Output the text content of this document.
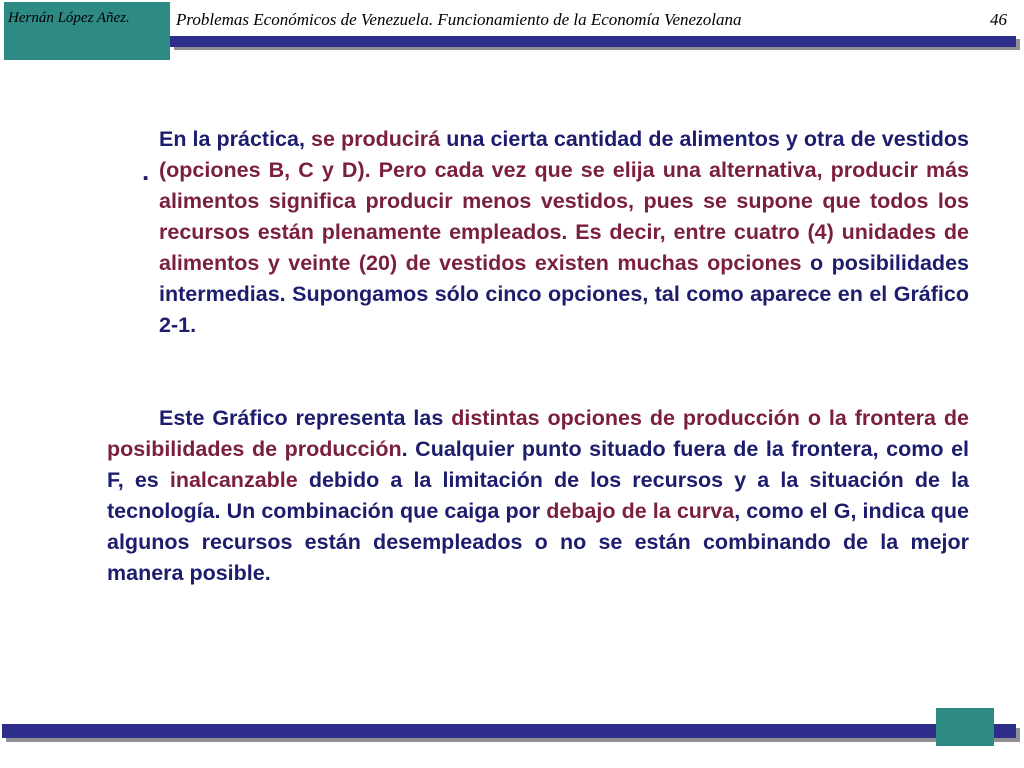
Hernán López Añez.	Problemas Económicos de Venezuela. Funcionamiento de la Economía Venezolana	46
.

En la práctica, se producirá una cierta cantidad de alimentos y otra de vestidos (opciones B, C y D). Pero cada vez que se elija una alternativa, producir más alimentos significa producir menos vestidos, pues se supone que todos los recursos están plenamente empleados. Es decir, entre cuatro (4) unidades de alimentos y veinte (20) de vestidos existen muchas opciones o posibilidades intermedias. Supongamos sólo cinco opciones, tal como aparece en el Gráfico 2-1.

Este Gráfico representa las distintas opciones de producción o la frontera de posibilidades de producción. Cualquier punto situado fuera de la frontera, como el F, es inalcanzable debido a la limitación de los recursos y a la situación de la tecnología. Un combinación que caiga por debajo de la curva, como el G, indica que algunos recursos están desempleados o no se están combinando de la mejor manera posible.
